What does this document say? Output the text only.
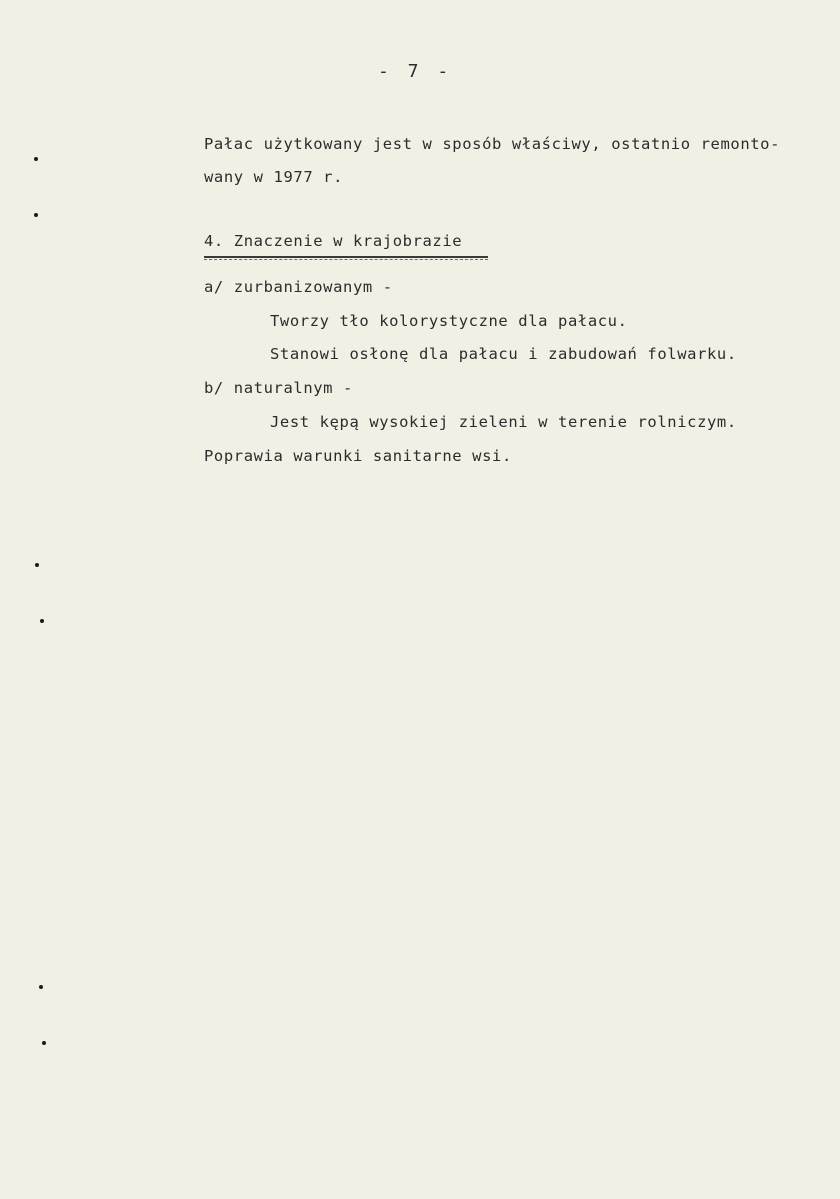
- 7 -
Pałac użytkowany jest w sposób właściwy, ostatnio remonto-
wany w 1977 r.
4. Znaczenie w krajobrazie
a/ zurbanizowanym -
Tworzy tło kolorystyczne dla pałacu.
Stanowi osłonę dla pałacu i zabudowań folwarku.
b/ naturalnym -
Jest kępą wysokiej zieleni w terenie rolniczym.
Poprawia warunki sanitarne wsi.
